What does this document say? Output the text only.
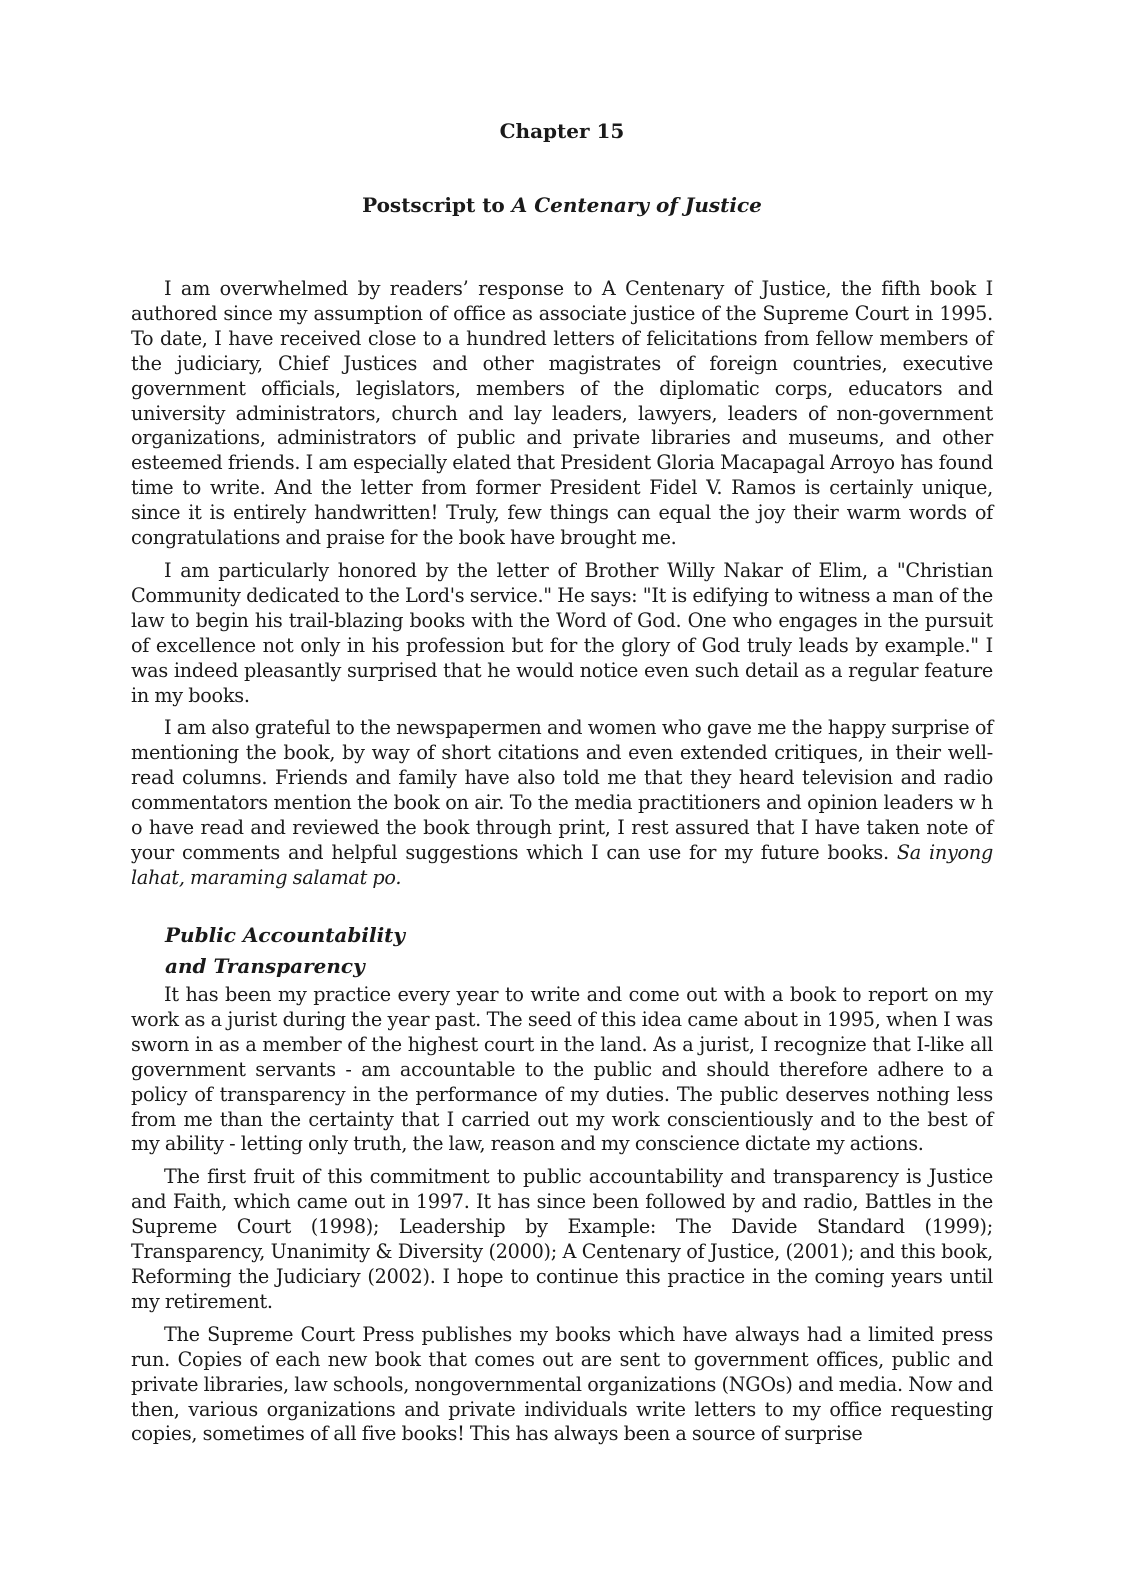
Chapter 15
Postscript to A Centenary of Justice

I am overwhelmed by readers’ response to A Centenary of Justice, the fifth book I authored since my assumption of office as associate justice of the Supreme Court in 1995. To date, I have received close to a hundred letters of felicitations from fellow members of the judiciary, Chief Justices and other magistrates of foreign countries, executive government officials, legislators, members of the diplomatic corps, educators and university administrators, church and lay leaders, lawyers, leaders of non-government organizations, administrators of public and private libraries and museums, and other esteemed friends. I am especially elated that President Gloria Macapagal Arroyo has found time to write. And the letter from former President Fidel V. Ramos is certainly unique, since it is entirely handwritten! Truly, few things can equal the joy their warm words of congratulations and praise for the book have brought me.

I am particularly honored by the letter of Brother Willy Nakar of Elim, a "Christian Community dedicated to the Lord's service." He says: "It is edifying to witness a man of the law to begin his trail-blazing books with the Word of God. One who engages in the pursuit of excellence not only in his profession but for the glory of God truly leads by example." I was indeed pleasantly surprised that he would notice even such detail as a regular feature in my books.

I am also grateful to the newspapermen and women who gave me the happy surprise of mentioning the book, by way of short citations and even extended critiques, in their well-read columns. Friends and family have also told me that they heard television and radio commentators mention the book on air. To the media practitioners and opinion leaders w h o have read and reviewed the book through print, I rest assured that I have taken note of your comments and helpful suggestions which I can use for my future books. Sa inyong lahat, maraming salamat po.

Public Accountability
and Transparency

It has been my practice every year to write and come out with a book to report on my work as a jurist during the year past. The seed of this idea came about in 1995, when I was sworn in as a member of the highest court in the land. As a jurist, I recognize that I-like all government servants - am accountable to the public and should therefore adhere to a policy of transparency in the performance of my duties. The public deserves nothing less from me than the certainty that I carried out my work conscientiously and to the best of my ability - letting only truth, the law, reason and my conscience dictate my actions.

The first fruit of this commitment to public accountability and transparency is Justice and Faith, which came out in 1997. It has since been followed by and radio, Battles in the Supreme Court (1998); Leadership by Example: The Davide Standard (1999); Transparency, Unanimity & Diversity (2000); A Centenary of Justice, (2001); and this book, Reforming the Judiciary (2002). I hope to continue this practice in the coming years until my retirement.

The Supreme Court Press publishes my books which have always had a limited press run. Copies of each new book that comes out are sent to government offices, public and private libraries, law schools, nongovernmental organizations (NGOs) and media. Now and then, various organizations and private individuals write letters to my office requesting copies, sometimes of all five books! This has always been a source of surprise
